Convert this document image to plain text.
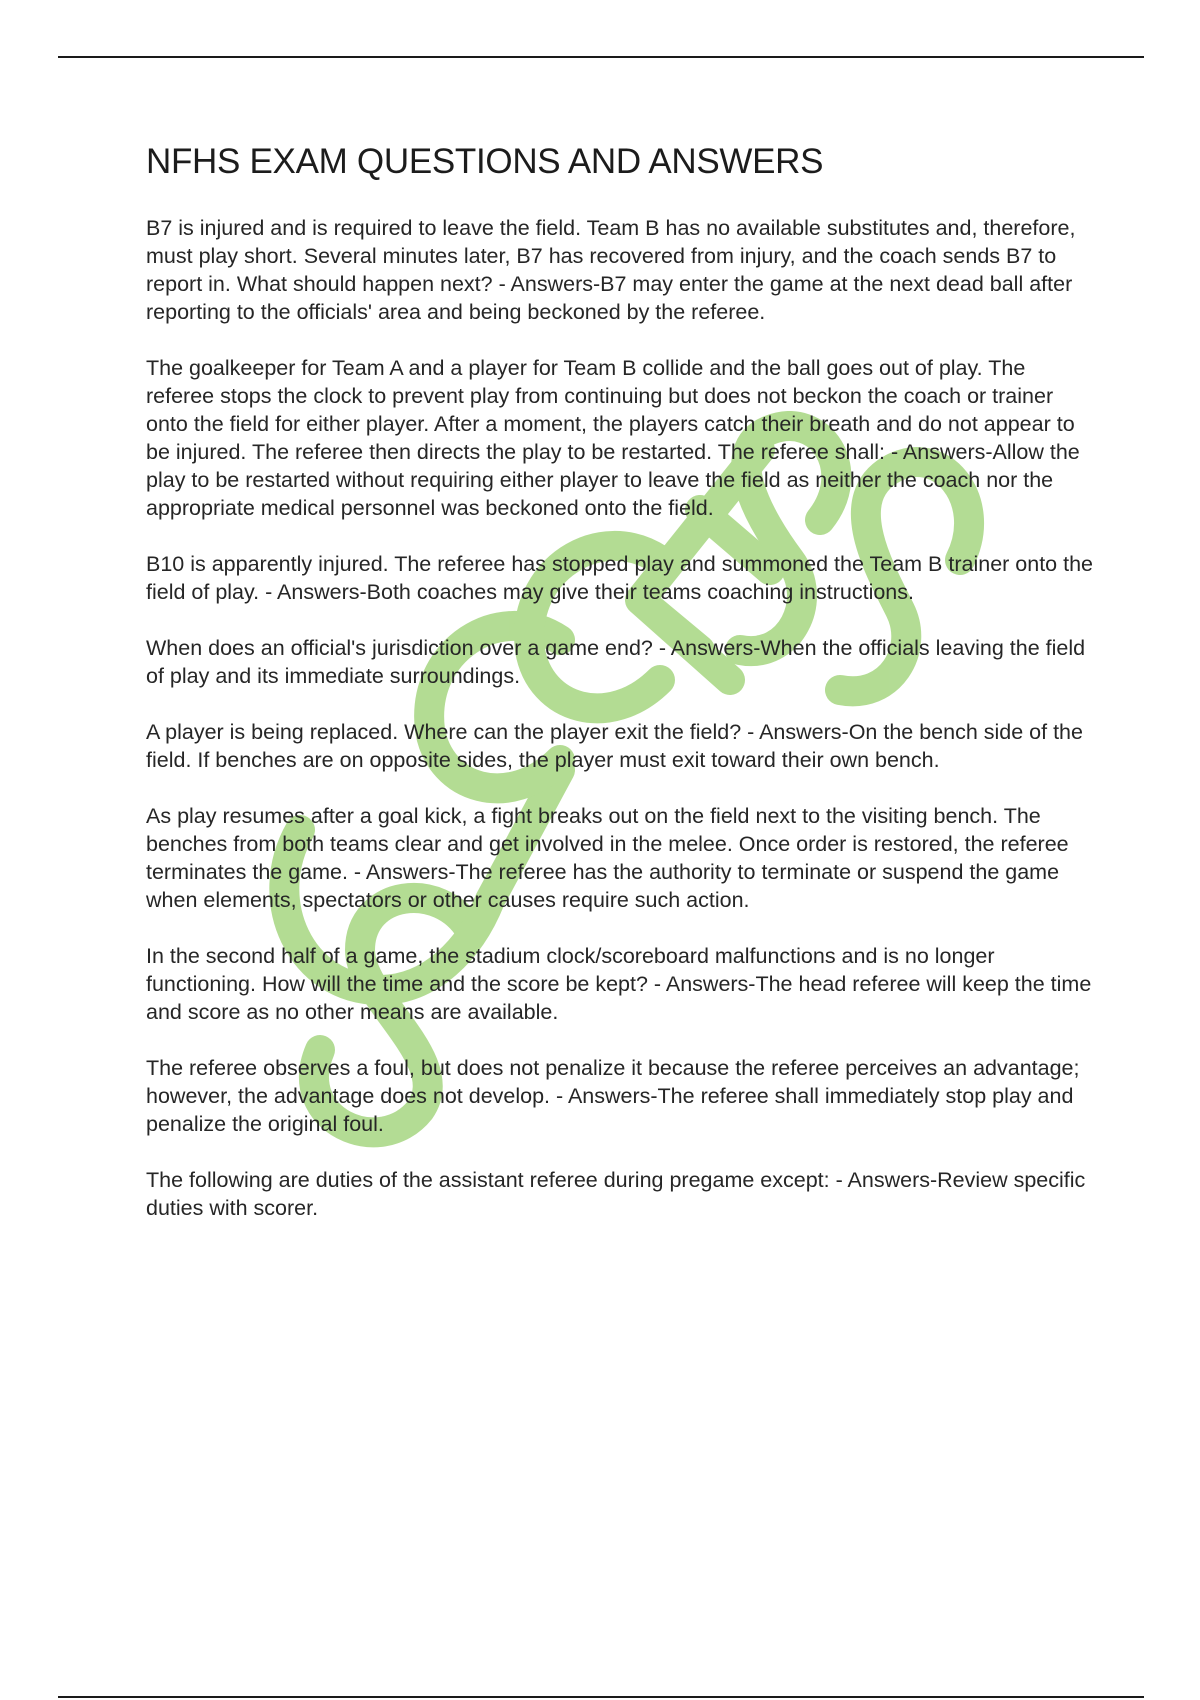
NFHS EXAM QUESTIONS AND ANSWERS

B7 is injured and is required to leave the field. Team B has no available substitutes and, therefore, must play short. Several minutes later, B7 has recovered from injury, and the coach sends B7 to report in. What should happen next? - Answers-B7 may enter the game at the next dead ball after reporting to the officials' area and being beckoned by the referee.

The goalkeeper for Team A and a player for Team B collide and the ball goes out of play. The referee stops the clock to prevent play from continuing but does not beckon the coach or trainer onto the field for either player. After a moment, the players catch their breath and do not appear to be injured. The referee then directs the play to be restarted. The referee shall: - Answers-Allow the play to be restarted without requiring either player to leave the field as neither the coach nor the appropriate medical personnel was beckoned onto the field.

B10 is apparently injured. The referee has stopped play and summoned the Team B trainer onto the field of play. - Answers-Both coaches may give their teams coaching instructions.

When does an official's jurisdiction over a game end? - Answers-When the officials leaving the field of play and its immediate surroundings.

A player is being replaced. Where can the player exit the field? - Answers-On the bench side of the field. If benches are on opposite sides, the player must exit toward their own bench.

As play resumes after a goal kick, a fight breaks out on the field next to the visiting bench. The benches from both teams clear and get involved in the melee. Once order is restored, the referee terminates the game. - Answers-The referee has the authority to terminate or suspend the game when elements, spectators or other causes require such action.

In the second half of a game, the stadium clock/scoreboard malfunctions and is no longer functioning. How will the time and the score be kept? - Answers-The head referee will keep the time and score as no other means are available.

The referee observes a foul, but does not penalize it because the referee perceives an advantage; however, the advantage does not develop. - Answers-The referee shall immediately stop play and penalize the original foul.

The following are duties of the assistant referee during pregame except: - Answers-Review specific duties with scorer.
